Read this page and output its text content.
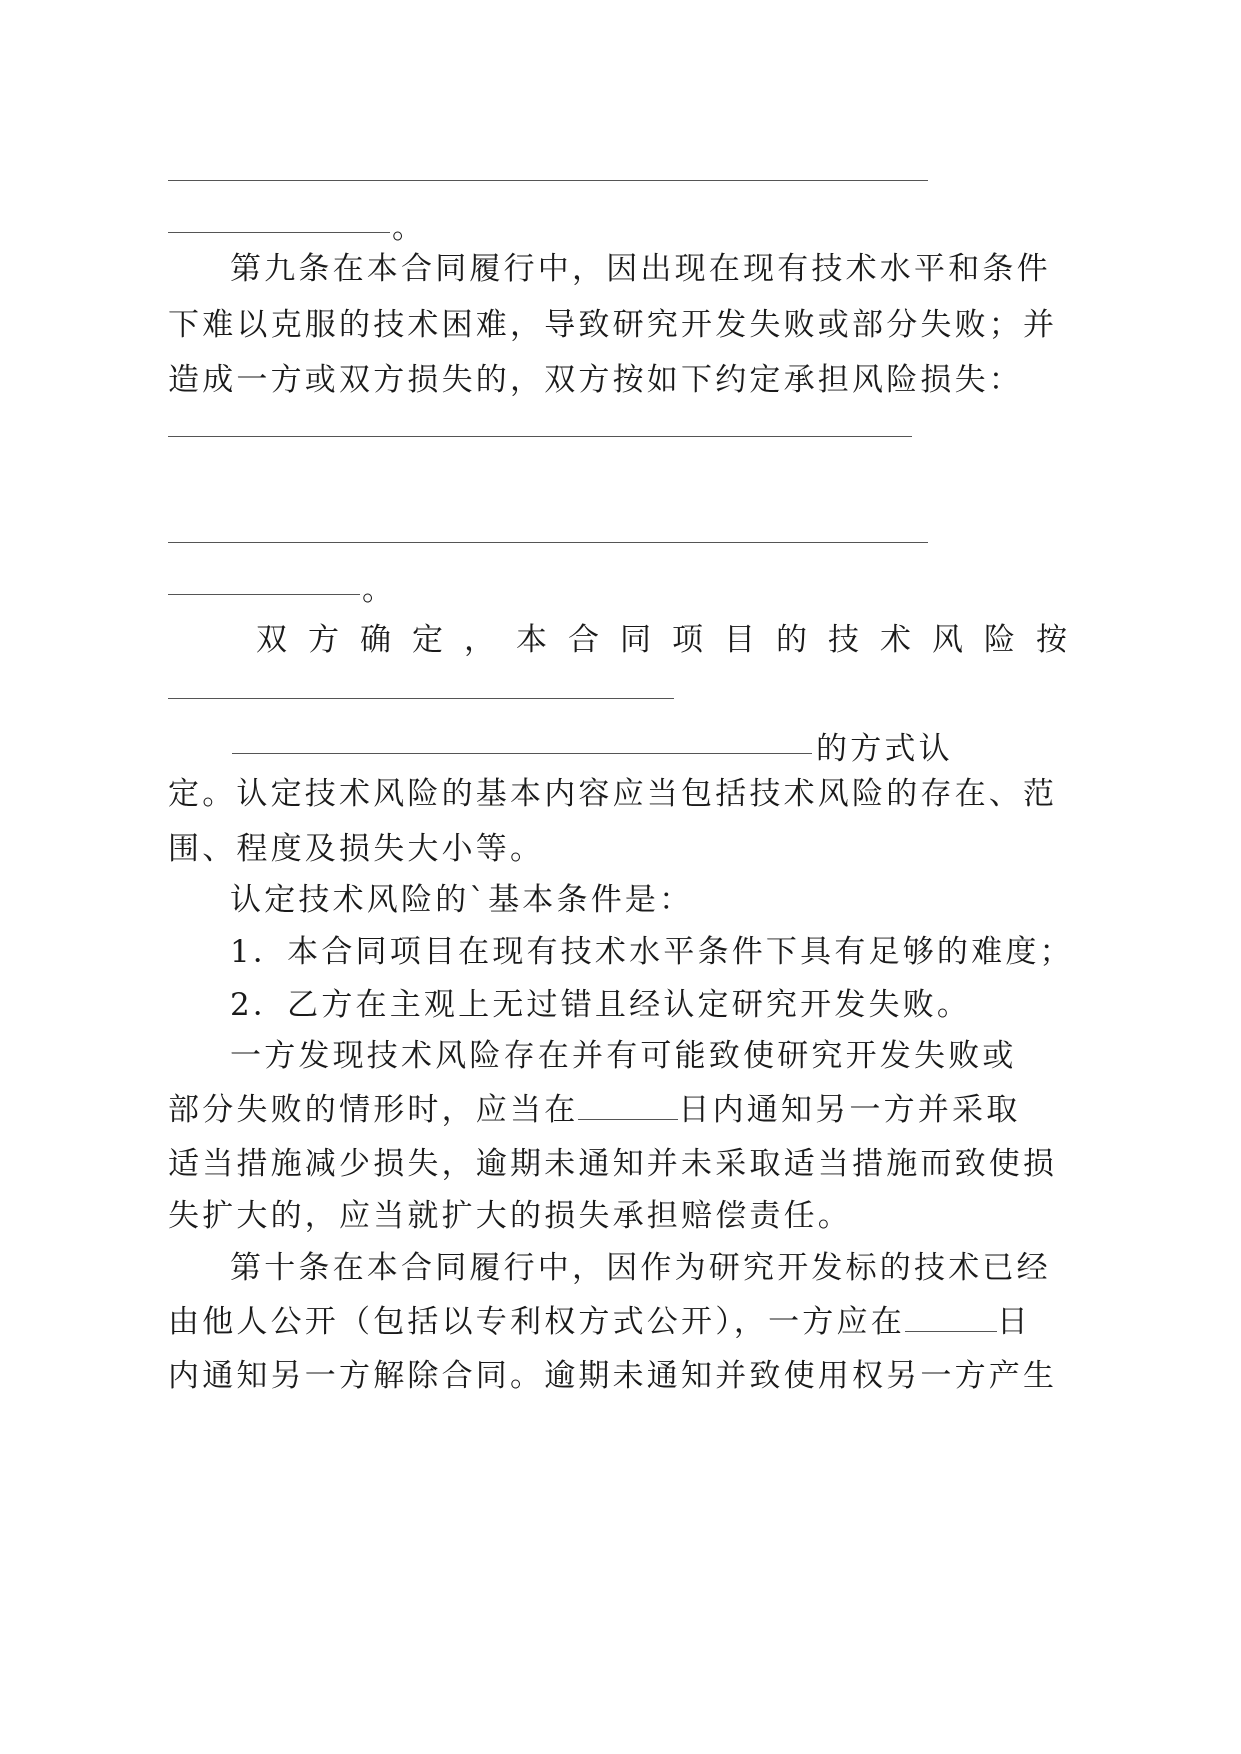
。
第九条在本合同履行中，因出现在现有技术水平和条件
下难以克服的技术困难，导致研究开发失败或部分失败；并
造成一方或双方损失的，双方按如下约定承担风险损失：
。
双方确定，本合同项目的技术风险按
的方式认
定。认定技术风险的基本内容应当包括技术风险的存在、范
围、程度及损失大小等。
认定技术风险的`基本条件是：
1．本合同项目在现有技术水平条件下具有足够的难度；
2．乙方在主观上无过错且经认定研究开发失败。
一方发现技术风险存在并有可能致使研究开发失败或
部分失败的情形时，应当在	日内通知另一方并采取
适当措施减少损失，逾期未通知并未采取适当措施而致使损
失扩大的，应当就扩大的损失承担赔偿责任。
第十条在本合同履行中，因作为研究开发标的技术已经
由他人公开（包括以专利权方式公开），一方应在	日
内通知另一方解除合同。逾期未通知并致使用权另一方产生
